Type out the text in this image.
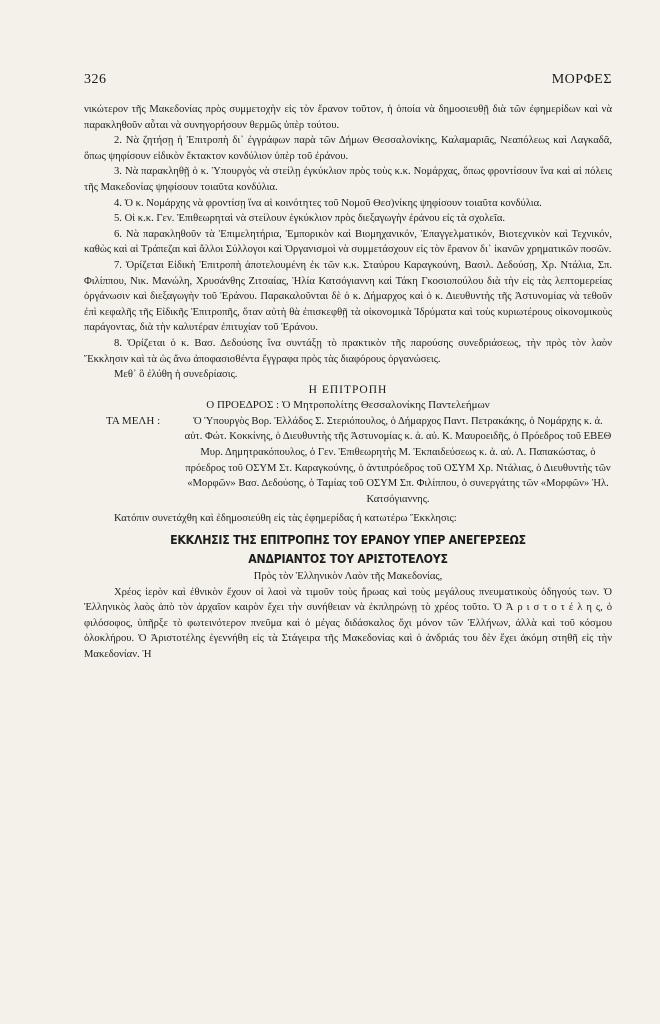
326	ΜΟΡΦΕΣ

νικώτερον τῆς Μακεδονίας πρὸς συμμετοχὴν εἰς τὸν ἔρανον τοῦτον, ἡ ὁποία νὰ δημοσιευθῇ διὰ τῶν ἐφημερίδων καὶ νὰ παρακληθοῦν αὗται νὰ συνηγορήσουν θερμῶς ὑπὲρ τούτου.

2. Νὰ ζητήσῃ ἡ Ἐπιτροπὴ δι᾽ ἐγγράφων παρὰ τῶν Δήμων Θεσσαλονίκης, Καλαμαριᾶς, Νεαπόλεως καὶ Λαγκαδᾶ, ὅπως ψηφίσουν εἰδικὸν ἔκτακτον κονδύλιον ὑπὲρ τοῦ ἐράνου.

3. Νὰ παρακληθῇ ὁ κ. Ὑπουργὸς νὰ στείλῃ ἐγκύκλιον πρὸς τοὺς κ.κ. Νομάρχας, ὅπως φροντίσουν ἵνα καὶ αἱ πόλεις τῆς Μακεδονίας ψηφίσουν τοιαῦτα κονδύλια.

4. Ὁ κ. Νομάρχης νὰ φροντίσῃ ἵνα αἱ κοινότητες τοῦ Νομοῦ Θεσ)νίκης ψηφίσουν τοιαῦτα κονδύλια.

5. Οἱ κ.κ. Γεν. Ἐπιθεωρηταὶ νὰ στείλουν ἐγκύκλιον πρὸς διεξαγωγὴν ἐράνου εἰς τὰ σχολεῖα.

6. Νὰ παρακληθοῦν τὰ Ἐπιμελητήρια, Ἐμπορικὸν καὶ Βιομηχανικόν, Ἐπαγγελματικόν, Βιοτεχνικὸν καὶ Τεχνικόν, καθὼς καὶ αἱ Τράπεζαι καὶ ἄλλοι Σύλλογοι καὶ Ὀργανισμοὶ νὰ συμμετάσχουν εἰς τὸν ἔρανον δι᾽ ἱκανῶν χρηματικῶν ποσῶν.

7. Ὁρίζεται Εἰδικὴ Ἐπιτροπὴ ἀποτελουμένη ἐκ τῶν κ.κ. Σταύρου Καραγκούνη, Βασιλ. Δεδούσῃ, Χρ. Ντάλια, Σπ. Φιλίππου, Νικ. Μανώλη, Χρυσάνθης Ζιτσαίας, Ἡλία Κατσόγιαννη καὶ Τάκη Γκοσιοπούλου διὰ τὴν εἰς τὰς λεπτομερείας ὀργάνωσιν καὶ διεξαγωγὴν τοῦ Ἐράνου. Παρακαλοῦνται δὲ ὁ κ. Δήμαρχος καὶ ὁ κ. Διευθυντὴς τῆς Ἀστυνομίας νὰ τεθοῦν ἐπὶ κεφαλῆς τῆς Εἰδικῆς Ἐπιτροπῆς, ὅταν αὐτὴ θὰ ἐπισκεφθῇ τὰ οἰκονομικὰ Ἱδρύματα καὶ τοὺς κυριωτέρους οἰκονομικοὺς παράγοντας, διὰ τὴν καλυτέραν ἐπιτυχίαν τοῦ Ἐράνου.

8. Ὁρίζεται ὁ κ. Βασ. Δεδούσης ἵνα συντάξῃ τὸ πρακτικὸν τῆς παρούσης συνεδριάσεως, τὴν πρὸς τὸν λαὸν Ἔκκλησιν καὶ τὰ ὡς ἄνω ἀποφασισθέντα ἔγγραφα πρὸς τὰς διαφόρους ὀργανώσεις.

Μεθ᾽ ὃ ἐλύθη ἡ συνεδρίασις.

Η ΕΠΙΤΡΟΠΗ

Ο ΠΡΟΕΔΡΟΣ : Ὁ Μητροπολίτης Θεσσαλονίκης Παντελεήμων

ΤΑ ΜΕΛΗ :	Ὁ Ὑπουργὸς Βορ. Ἑλλάδος Σ. Στεριόπουλος, ὁ Δήμαρχος Παντ. Πετρακάκης, ὁ Νομάρχης κ. ἀ. αὐτ. Φώτ. Κοκκίνης, ὁ Διευθυντὴς τῆς Ἀστυνομίας κ. ἀ. αὐ. Κ. Μαυροειδῆς, ὁ Πρόεδρος τοῦ ΕΒΕΘ Μυρ. Δημητρακόπουλος, ὁ Γεν. Ἐπιθεωρητὴς Μ. Ἐκπαιδεύσεως κ. ἀ. αὐ. Λ. Παπακώστας, ὁ πρόεδρος τοῦ ΟΣΥΜ Στ. Καραγκούνης, ὁ ἀντιπρόεδρος τοῦ ΟΣΥΜ Χρ. Ντάλιας, ὁ Διευθυντὴς τῶν «Μορφῶν» Βασ. Δεδούσης, ὁ Ταμίας τοῦ ΟΣΥΜ Σπ. Φιλίππου, ὁ συνεργάτης τῶν «Μορφῶν» Ἠλ. Κατσόγιαννης.

Κατόπιν συνετάχθη καὶ ἐδημοσιεύθη εἰς τὰς ἐφημερίδας ἡ κατωτέρω Ἔκκλησις:

ΕΚΚΛΗΣΙΣ ΤΗΣ ΕΠΙΤΡΟΠΗΣ ΤΟΥ ΕΡΑΝΟΥ ΥΠΕΡ ΑΝΕΓΕΡΣΕΩΣ
ΑΝΔΡΙΑΝΤΟΣ ΤΟΥ ΑΡΙΣΤΟΤΕΛΟΥΣ

Πρὸς τὸν Ἑλληνικὸν Λαὸν τῆς Μακεδονίας,

Χρέος ἱερὸν καὶ ἐθνικὸν ἔχουν οἱ λαοὶ νὰ τιμοῦν τοὺς ἥρωας καὶ τοὺς μεγάλους πνευματικοὺς ὁδηγούς των. Ὁ Ἑλληνικὸς λαὸς ἀπὸ τὸν ἀρχαῖον καιρὸν ἔχει τὴν συνήθειαν νὰ ἐκπληρώνῃ τὸ χρέος τοῦτο. Ὁ Ἀ ρ ι σ τ ο τ έ λ η ς, ὁ φιλόσοφος, ὑπῆρξε τὸ φωτεινότερον πνεῦμα καὶ ὁ μέγας διδάσκαλος ὄχι μόνον τῶν Ἑλλήνων, ἀλλὰ καὶ τοῦ κόσμου ὁλοκλήρου. Ὁ Ἀριστοτέλης ἐγεννήθη εἰς τὰ Στάγειρα τῆς Μακεδονίας καὶ ὁ ἀνδριάς του δὲν ἔχει ἀκόμη στηθῆ εἰς τὴν Μακεδονίαν. Ἡ
